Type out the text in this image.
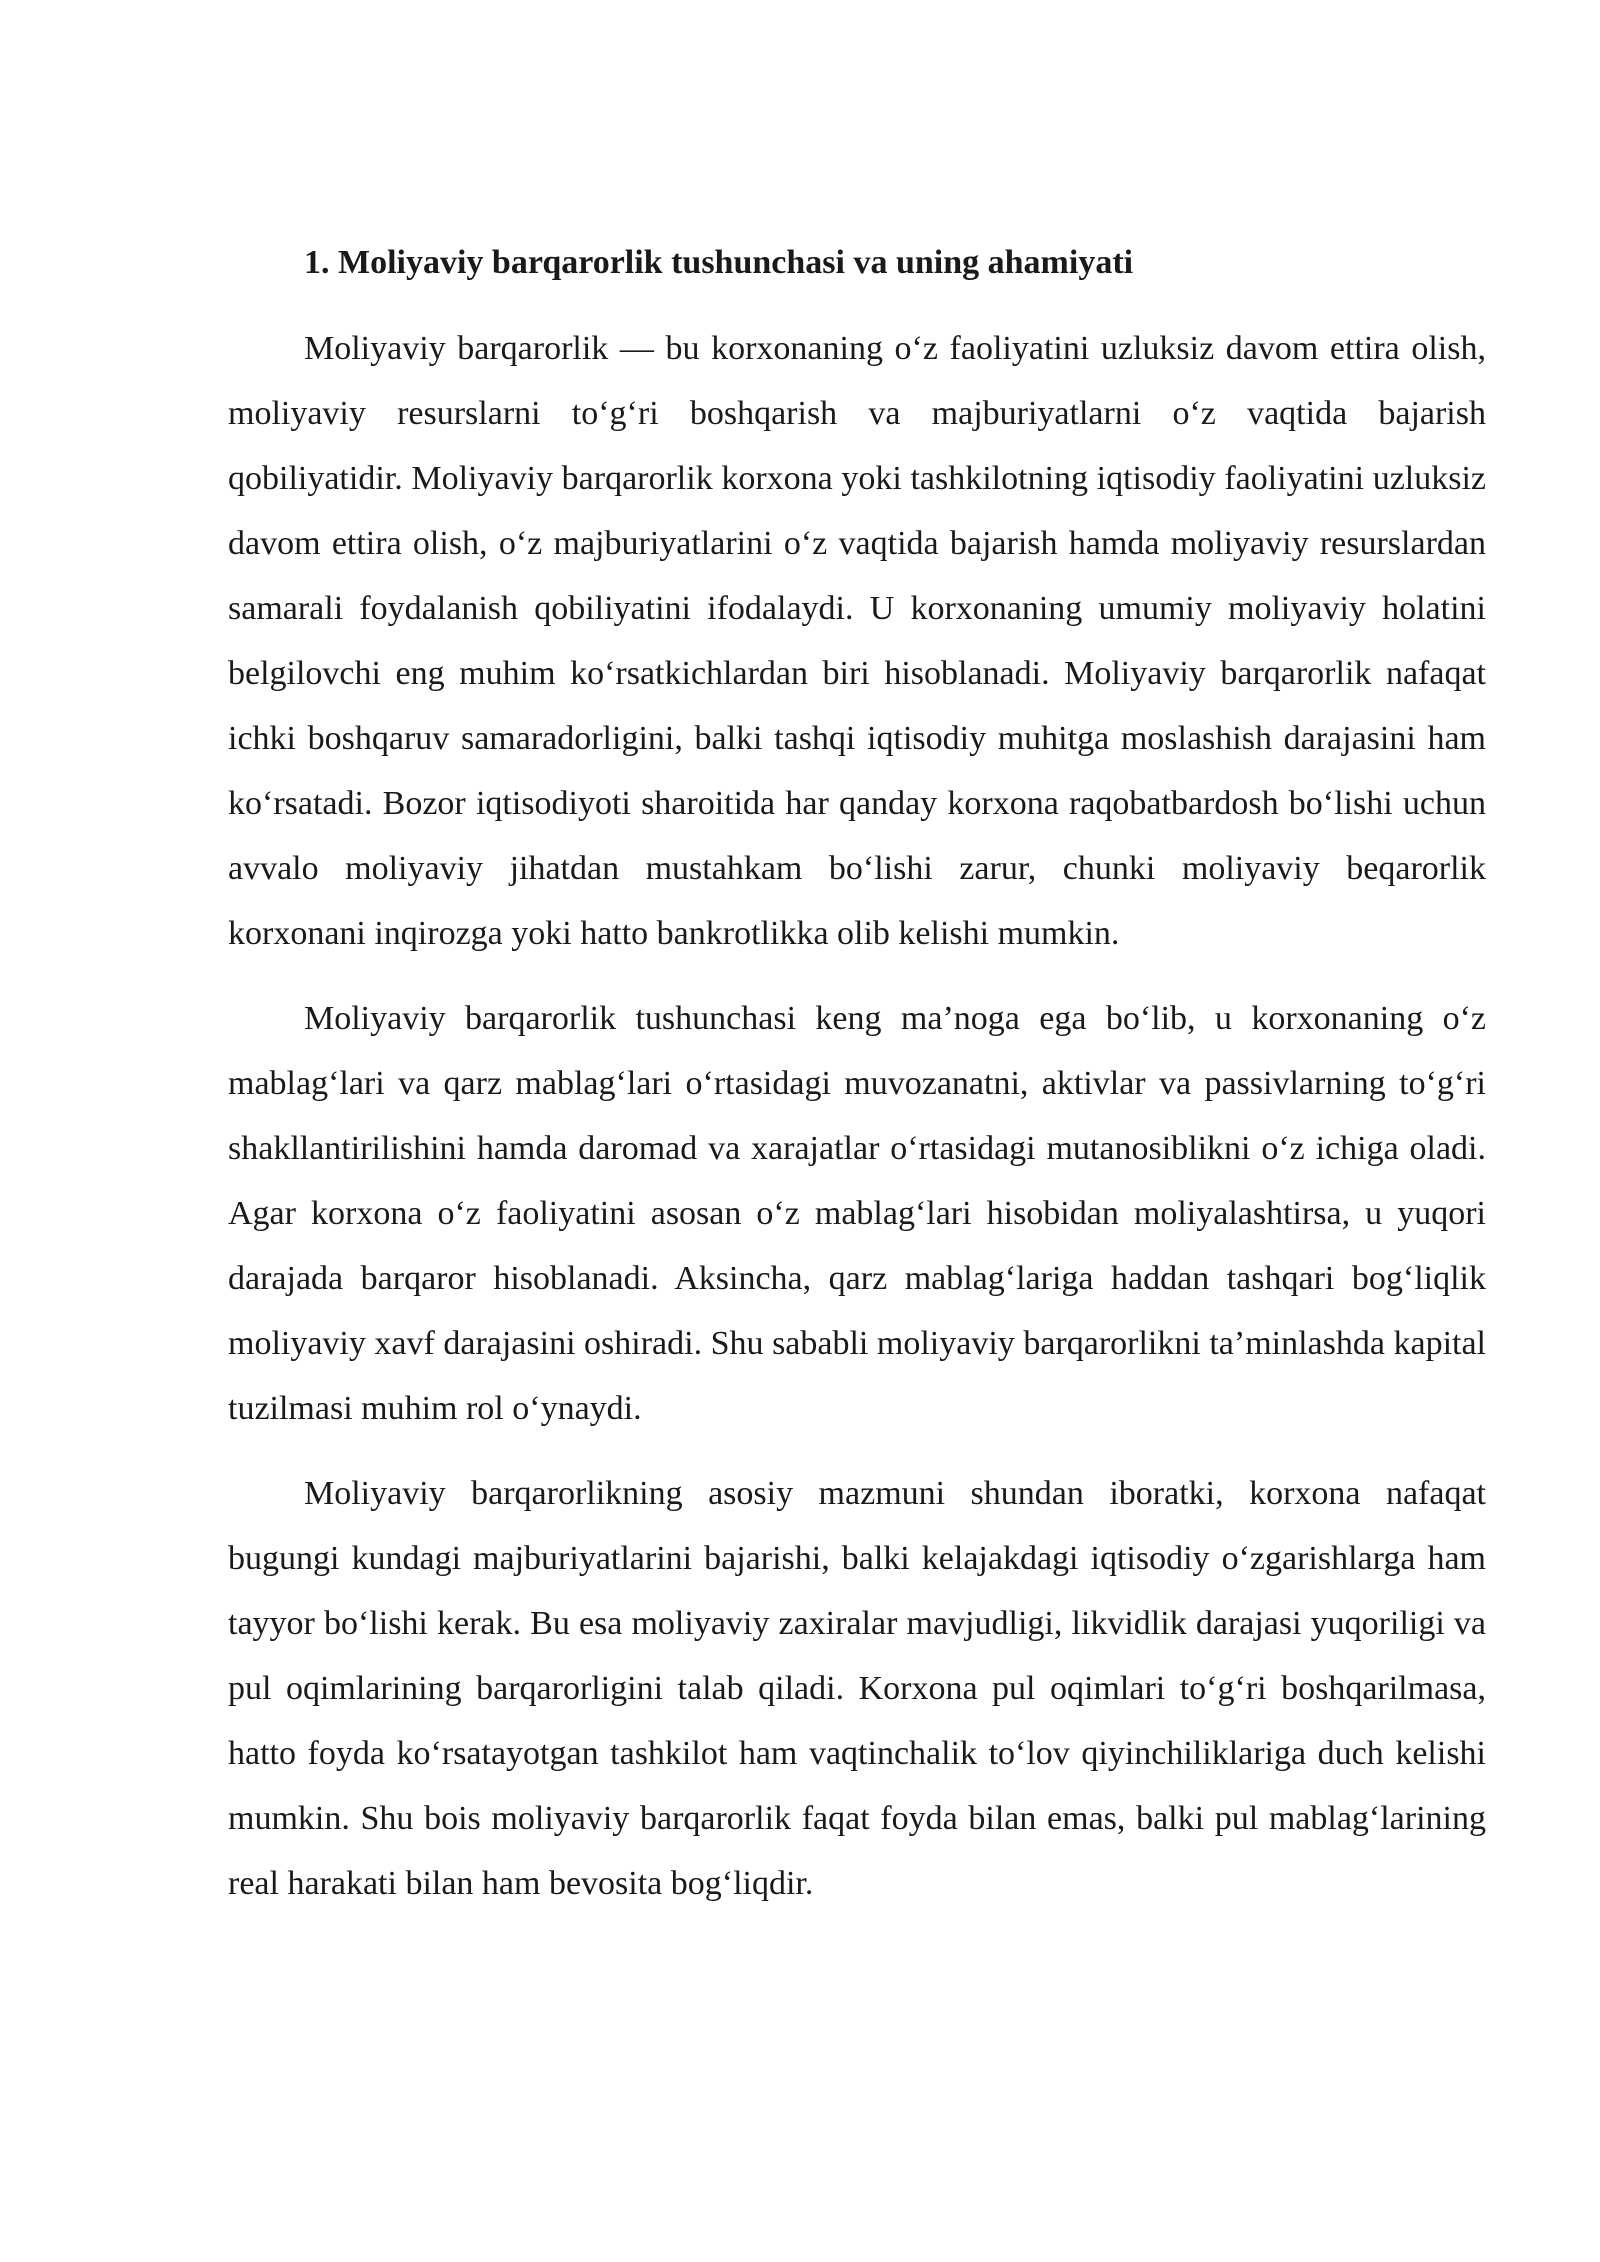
1. Moliyaviy barqarorlik tushunchasi va uning ahamiyati

Moliyaviy barqarorlik — bu korxonaning o‘z faoliyatini uzluksiz davom ettira olish, moliyaviy resurslarni to‘g‘ri boshqarish va majburiyatlarni o‘z vaqtida bajarish qobiliyatidir. Moliyaviy barqarorlik korxona yoki tashkilotning iqtisodiy faoliyatini uzluksiz davom ettira olish, o‘z majburiyatlarini o‘z vaqtida bajarish hamda moliyaviy resurslardan samarali foydalanish qobiliyatini ifodalaydi. U korxonaning umumiy moliyaviy holatini belgilovchi eng muhim ko‘rsatkichlardan biri hisoblanadi. Moliyaviy barqarorlik nafaqat ichki boshqaruv samaradorligini, balki tashqi iqtisodiy muhitga moslashish darajasini ham ko‘rsatadi. Bozor iqtisodiyoti sharoitida har qanday korxona raqobatbardosh bo‘lishi uchun avvalo moliyaviy jihatdan mustahkam bo‘lishi zarur, chunki moliyaviy beqarorlik korxonani inqirozga yoki hatto bankrotlikka olib kelishi mumkin.

Moliyaviy barqarorlik tushunchasi keng ma’noga ega bo‘lib, u korxonaning o‘z mablag‘lari va qarz mablag‘lari o‘rtasidagi muvozanatni, aktivlar va passivlarning to‘g‘ri shakllantirilishini hamda daromad va xarajatlar o‘rtasidagi mutanosiblikni o‘z ichiga oladi. Agar korxona o‘z faoliyatini asosan o‘z mablag‘lari hisobidan moliyalashtirsa, u yuqori darajada barqaror hisoblanadi. Aksincha, qarz mablag‘lariga haddan tashqari bog‘liqlik moliyaviy xavf darajasini oshiradi. Shu sababli moliyaviy barqarorlikni ta’minlashda kapital tuzilmasi muhim rol o‘ynaydi.

Moliyaviy barqarorlikning asosiy mazmuni shundan iboratki, korxona nafaqat bugungi kundagi majburiyatlarini bajarishi, balki kelajakdagi iqtisodiy o‘zgarishlarga ham tayyor bo‘lishi kerak. Bu esa moliyaviy zaxiralar mavjudligi, likvidlik darajasi yuqoriligi va pul oqimlarining barqarorligini talab qiladi. Korxona pul oqimlari to‘g‘ri boshqarilmasa, hatto foyda ko‘rsatayotgan tashkilot ham vaqtinchalik to‘lov qiyinchiliklariga duch kelishi mumkin. Shu bois moliyaviy barqarorlik faqat foyda bilan emas, balki pul mablag‘larining real harakati bilan ham bevosita bog‘liqdir.
